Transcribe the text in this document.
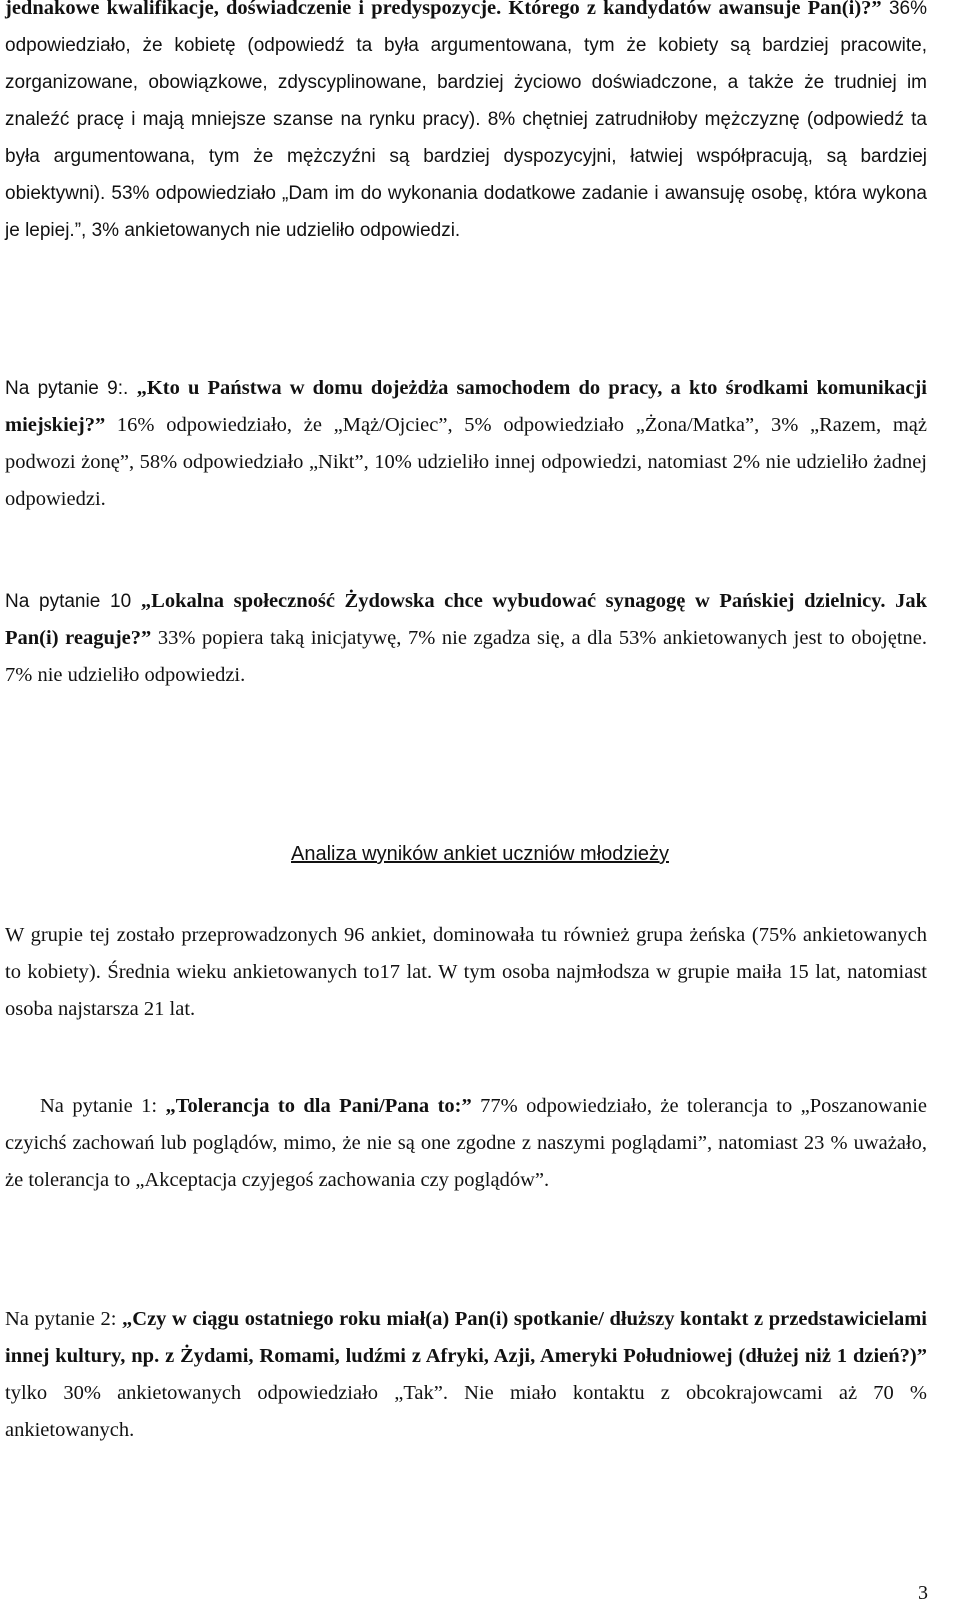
jednakowe kwalifikacje, doświadczenie i predyspozycje. Którego z kandydatów awansuje Pan(i)?” 36% odpowiedziało, że kobietę (odpowiedź ta była argumentowana, tym że kobiety są bardziej pracowite, zorganizowane, obowiązkowe, zdyscyplinowane, bardziej życiowo doświadczone, a także że trudniej im znaleźć pracę i mają mniejsze szanse na rynku pracy). 8% chętniej zatrudniłoby mężczyznę (odpowiedź ta była argumentowana, tym że mężczyźni są bardziej dyspozycyjni, łatwiej współpracują, są bardziej obiektywni). 53% odpowiedziało „Dam im do wykonania dodatkowe zadanie i awansuję osobę, która wykona je lepiej.”, 3% ankietowanych nie udzieliło odpowiedzi.

Na pytanie 9:. „Kto u Państwa w domu dojeżdża samochodem do pracy, a kto środkami komunikacji miejskiej?” 16% odpowiedziało, że „Mąż/Ojciec”, 5% odpowiedziało „Żona/Matka”, 3% „Razem, mąż podwozi żonę”, 58% odpowiedziało „Nikt”, 10% udzieliło innej odpowiedzi, natomiast 2% nie udzieliło żadnej odpowiedzi.

Na pytanie 10 „Lokalna społeczność Żydowska chce wybudować synagogę w Pańskiej dzielnicy. Jak Pan(i) reaguje?” 33% popiera taką inicjatywę, 7% nie zgadza się, a dla 53% ankietowanych jest to obojętne. 7% nie udzieliło odpowiedzi.

Analiza wyników ankiet uczniów młodzieży

W grupie tej zostało przeprowadzonych 96 ankiet, dominowała tu również grupa żeńska (75% ankietowanych to kobiety). Średnia wieku ankietowanych to17 lat. W tym osoba najmłodsza w grupie maiła 15 lat, natomiast osoba najstarsza 21 lat.

Na pytanie 1: „Tolerancja to dla Pani/Pana to:” 77% odpowiedziało, że tolerancja to „Poszanowanie czyichś zachowań lub poglądów, mimo, że nie są one zgodne z naszymi poglądami”, natomiast 23 % uważało, że tolerancja to „Akceptacja czyjegoś zachowania czy poglądów”.

Na pytanie 2: „Czy w ciągu ostatniego roku miał(a) Pan(i) spotkanie/ dłuższy kontakt z przedstawicielami innej kultury, np. z Żydami, Romami, ludźmi z Afryki, Azji, Ameryki Południowej (dłużej niż 1 dzień?)” tylko 30% ankietowanych odpowiedziało „Tak”. Nie miało kontaktu z obcokrajowcami aż 70 % ankietowanych.

3
